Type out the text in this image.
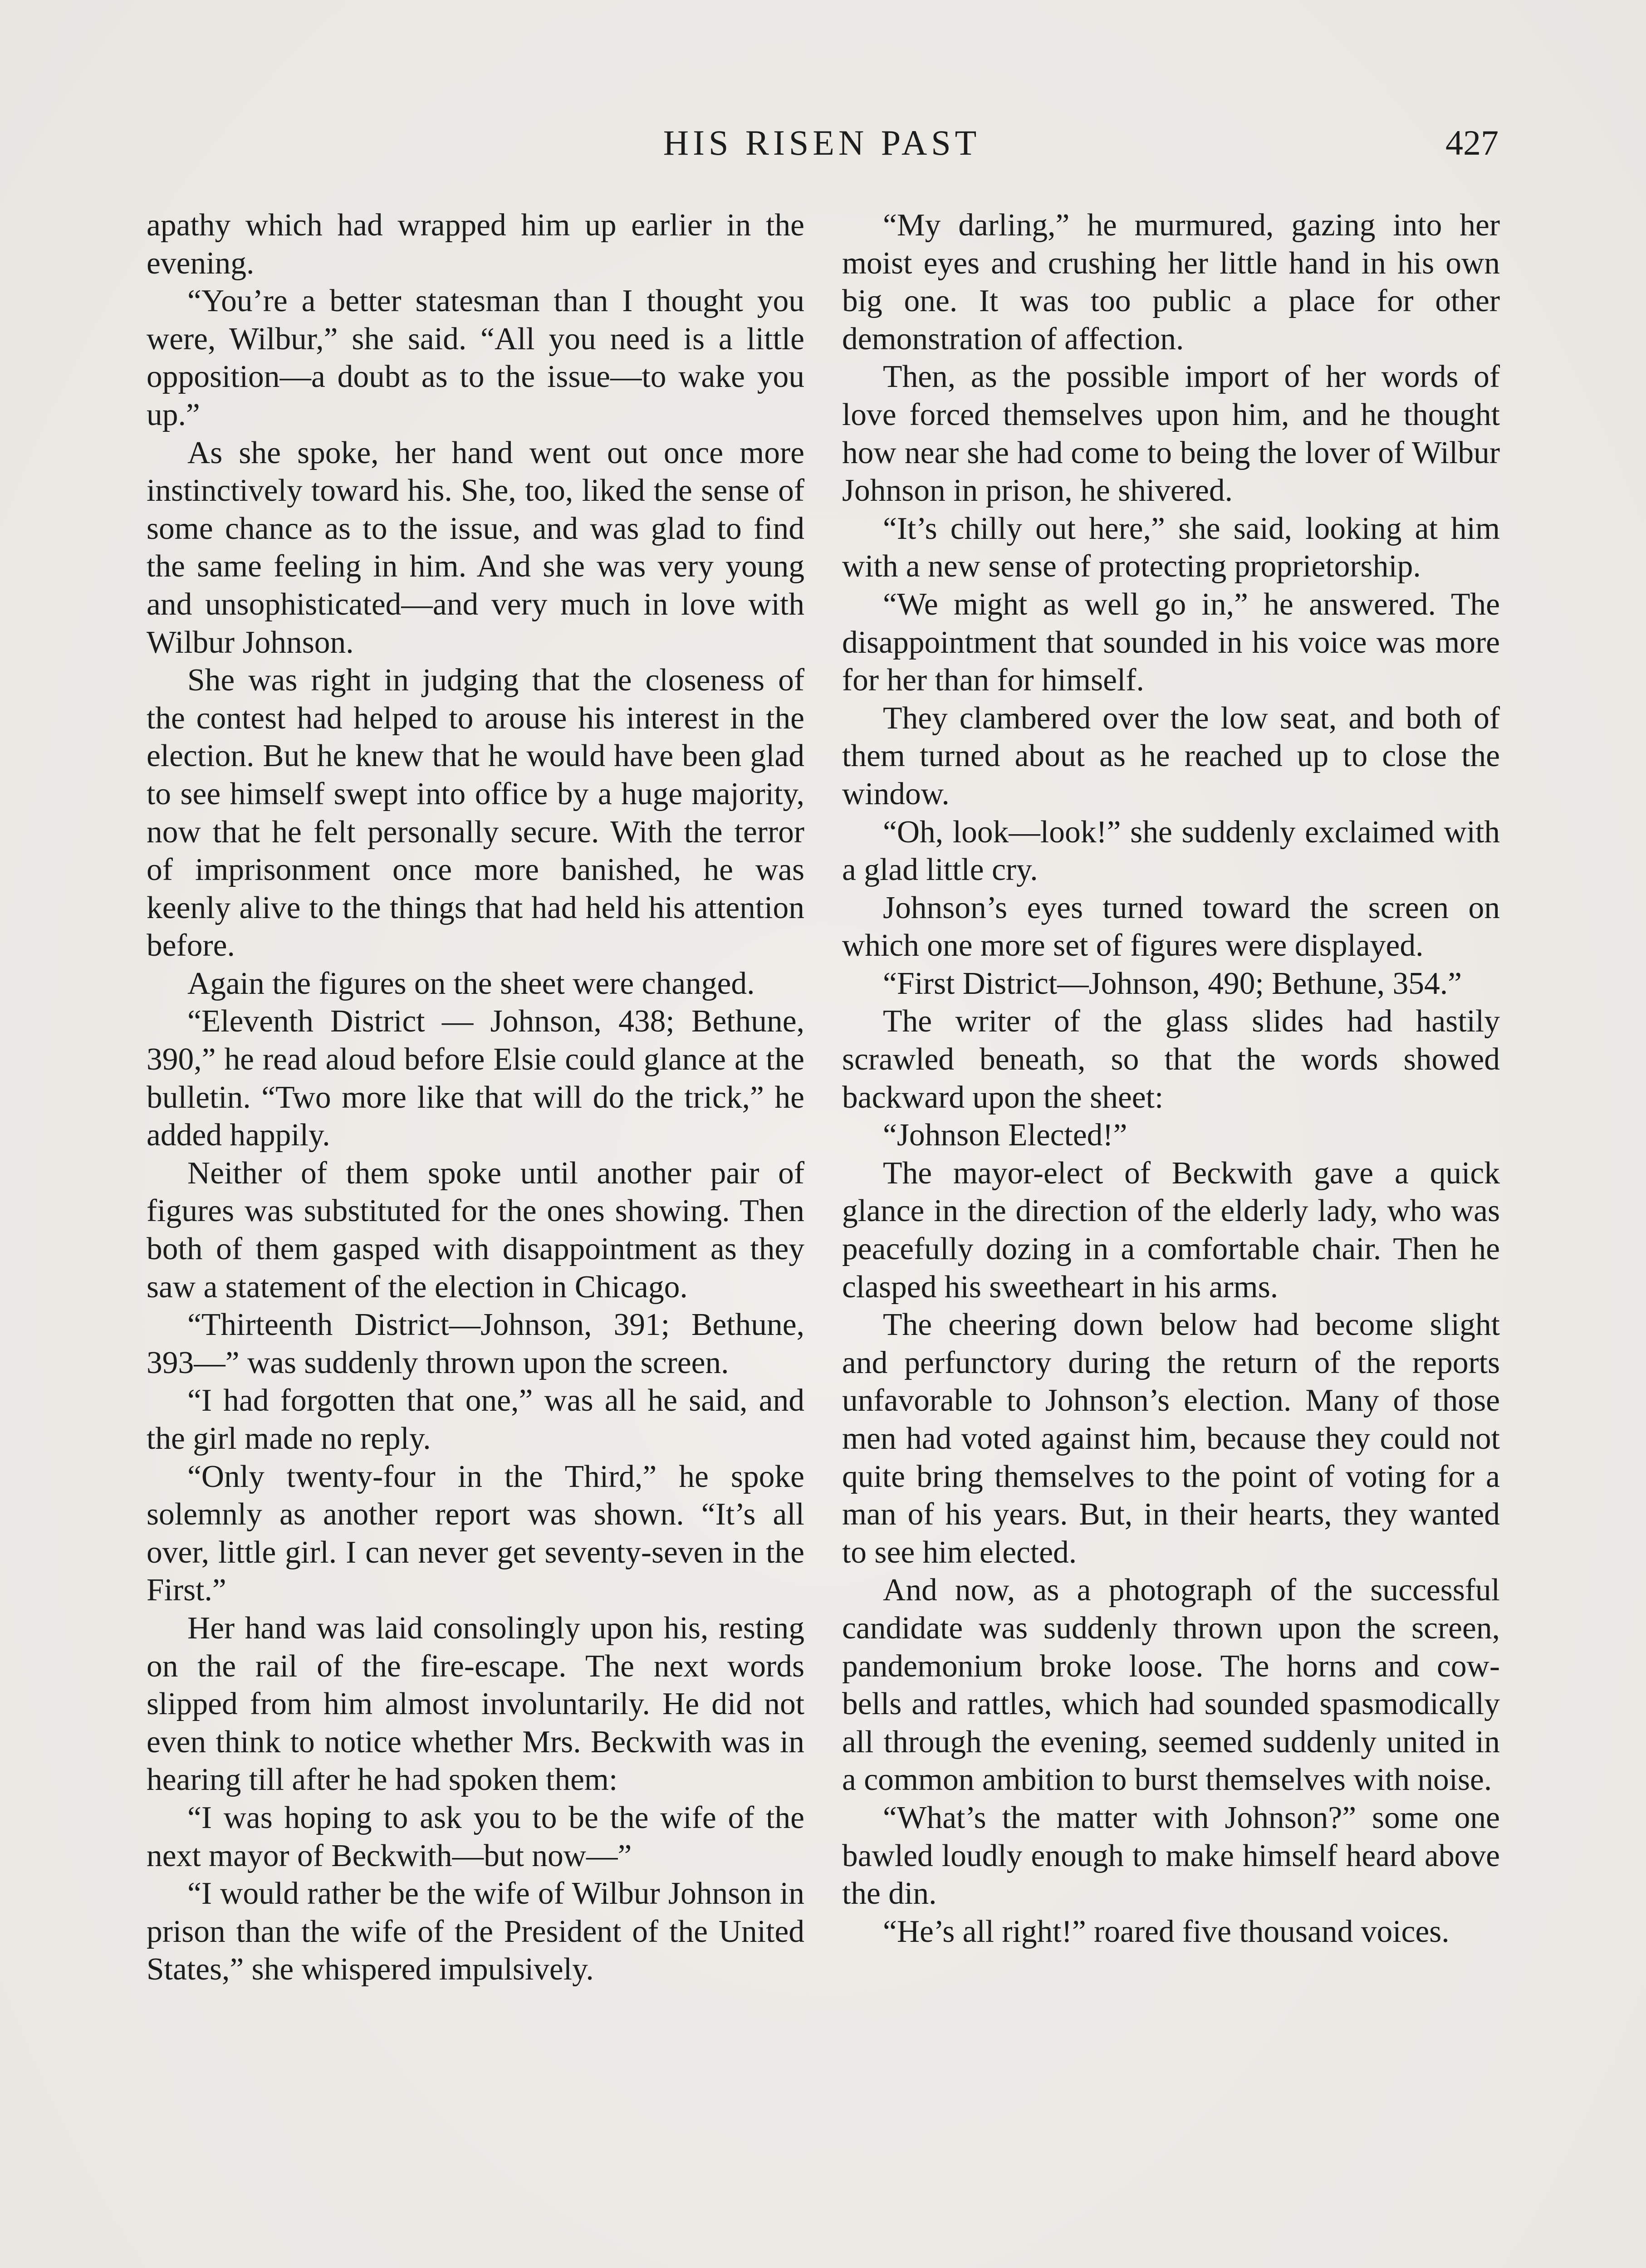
HIS RISEN PAST	427

apathy which had wrapped him up earlier in the evening.

“You’re a better statesman than I thought you were, Wilbur,” she said. “All you need is a little opposition—a doubt as to the issue—to wake you up.”

As she spoke, her hand went out once more instinctively toward his. She, too, liked the sense of some chance as to the issue, and was glad to find the same feeling in him. And she was very young and unsophisticated—and very much in love with Wilbur Johnson.

She was right in judging that the closeness of the contest had helped to arouse his interest in the election. But he knew that he would have been glad to see himself swept into office by a huge majority, now that he felt personally secure. With the terror of imprisonment once more banished, he was keenly alive to the things that had held his attention before.

Again the figures on the sheet were changed.

“Eleventh District — Johnson, 438; Bethune, 390,” he read aloud before Elsie could glance at the bulletin. “Two more like that will do the trick,” he added happily.

Neither of them spoke until another pair of figures was substituted for the ones showing. Then both of them gasped with disappointment as they saw a statement of the election in Chicago.

“Thirteenth District—Johnson, 391; Bethune, 393—” was suddenly thrown upon the screen.

“I had forgotten that one,” was all he said, and the girl made no reply.

“Only twenty-four in the Third,” he spoke solemnly as another report was shown. “It’s all over, little girl. I can never get seventy-seven in the First.”

Her hand was laid consolingly upon his, resting on the rail of the fire-escape. The next words slipped from him almost involuntarily. He did not even think to notice whether Mrs. Beckwith was in hearing till after he had spoken them:

“I was hoping to ask you to be the wife of the next mayor of Beckwith—but now—”

“I would rather be the wife of Wilbur Johnson in prison than the wife of the President of the United States,” she whispered impulsively.

“My darling,” he murmured, gazing into her moist eyes and crushing her little hand in his own big one. It was too public a place for other demonstration of affection.

Then, as the possible import of her words of love forced themselves upon him, and he thought how near she had come to being the lover of Wilbur Johnson in prison, he shivered.

“It’s chilly out here,” she said, looking at him with a new sense of protecting proprietorship.

“We might as well go in,” he answered. The disappointment that sounded in his voice was more for her than for himself.

They clambered over the low seat, and both of them turned about as he reached up to close the window.

“Oh, look—look!” she suddenly exclaimed with a glad little cry.

Johnson’s eyes turned toward the screen on which one more set of figures were displayed.

“First District—Johnson, 490; Bethune, 354.”

The writer of the glass slides had hastily scrawled beneath, so that the words showed backward upon the sheet:

“Johnson Elected!”

The mayor-elect of Beckwith gave a quick glance in the direction of the elderly lady, who was peacefully dozing in a comfortable chair. Then he clasped his sweetheart in his arms.

The cheering down below had become slight and perfunctory during the return of the reports unfavorable to Johnson’s election. Many of those men had voted against him, because they could not quite bring themselves to the point of voting for a man of his years. But, in their hearts, they wanted to see him elected.

And now, as a photograph of the successful candidate was suddenly thrown upon the screen, pandemonium broke loose. The horns and cow-bells and rattles, which had sounded spasmodically all through the evening, seemed suddenly united in a common ambition to burst themselves with noise.

“What’s the matter with Johnson?” some one bawled loudly enough to make himself heard above the din.

“He’s all right!” roared five thousand voices.
